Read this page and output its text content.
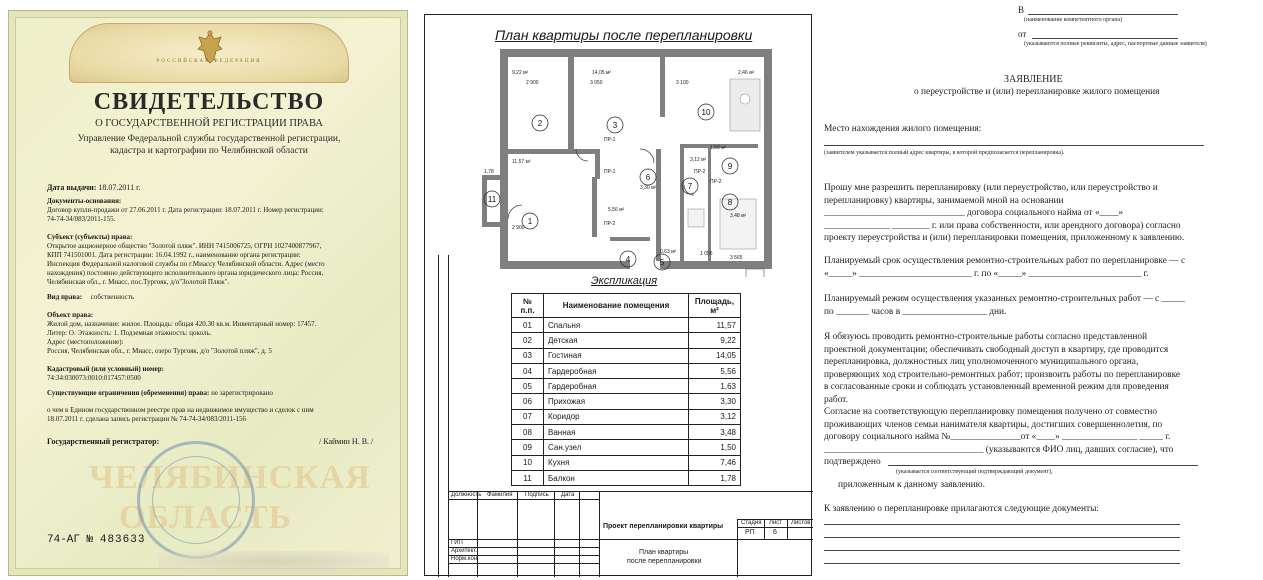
РОССИЙСКАЯ ФЕДЕРАЦИЯ
СВИДЕТЕЛЬСТВО
О ГОСУДАРСТВЕННОЙ РЕГИСТРАЦИИ ПРАВА
Управление Федеральной службы государственной регистрации,
кадастра и картографии по Челябинской области
Дата выдачи: 18.07.2011 г.
Документы-основания:
Договор купли-продажи от 27.06.2011 г. Дата регистрации: 18.07.2011 г. Номер регистрации:
74-74-34/083/2011-155.
Субъект (субъекты) права:
Открытое акционерное общество "Золотой пляж". ИНН 7415006725, ОГРН 1027400877967,
КПП 741501001. Дата регистрации: 16.04.1992 г., наименование органа регистрации:
Инспекция Федеральной налоговой службы по г.Миассу Челябинской области. Адрес (место
нахождения) постоянно действующего исполнительного органа юридического лица: Россия,
Челябинская обл., г. Миасс, пос.Тургояк, д/о"Золотой Пляж".
Вид права: собственность
Объект права:
Жилой дом, назначение: жилое. Площадь: общая 420.30 кв.м. Инвентарный номер: 17457.
Литер: О. Этажность: 1. Подземная этажность: цоколь.
Адрес (местоположение):
Россия, Челябинская обл., г. Миасс, озеро Тургояк, д/о "Золотой пляж", д. 5
Кадастровый (или условный) номер:
74:34:030073:0010:017457:0500
Существующие ограничения (обременения) права: не зарегистрировано
о чем в Едином государственном реестре прав на недвижимое имущество и сделок с ним
18.07.2011 г. сделана запись регистрации № 74-74-34/083/2011-156
Государственный регистратор:	/ Каймин Н. В. /
ЧЕЛЯБИНСКАЯ
ОБЛАСТЬ
74-АГ № 483633
План квартиры после перепланировки
1
2	3
4	5
6
7
8
9
10
11
9,22 м²	14,05 м²	2,46 м²
11,57 м²
1,78
5,56 м²
3,12 м²
3,48 м²
1,50 м²
3,30 м²
0,63 м²
2 900	3 050	3 100
2 900
1 056
3 565
ПР-1
ПР-1	ПР-2
ПР-2
ПР-2
Экспликация
№ п.п.	Наименование помещения	Площадь, м²
01	Спальня	11,57
02	Детская	9,22
03	Гостиная	14,05
04	Гардеробная	5,56
05	Гардеробная	1,63
06	Прихожая	3,30
07	Коридор	3,12
08	Ванная	3,48
09	Сан.узел	1,50
10	Кухня	7,46
11	Балкон	1,78
Должность Фамилия Подпись Дата
Проект перепланировки квартиры	Стадия Лист Листов
РП	6
ГИП
Архитект.
Норм.кон.
План квартиры
после перепланировки
В
(наименование компетентного органа)
от
(указываются полные реквизиты, адрес, паспортные данные заявителя)
ЗАЯВЛЕНИЕ
о переустройстве и (или) перепланировке жилого помещения
Место нахождения жилого помещения:
(заявителем указывается полный адрес квартиры, в которой предполагается перепланировка).
Прошу мне разрешить перепланировку (или переустройство, или переустройство и
перепланировку) квартиры, занимаемой мной на основании
______________________________ договора социального найма от «____»
______________ ________ г. или права собственности, или арендного договора) согласно
проекту переустройства и (или) перепланировки помещения, приложенному к заявлению.
Планируемый срок осуществления ремонтно-строительных работ по перепланировке — с
«_____» ________________________ г. по «_____» ________________________ г.
Планируемый режим осуществления указанных ремонтно-строительных работ — с _____
по _______ часов в __________________ дни.
Я обязуюсь проводить ремонтно-строительные работы согласно представленной
проектной документации; обеспечивать свободный доступ в квартиру, где проводится
перепланировка, должностных лиц уполномоченного муниципального органа,
проверяющих ход строительно-ремонтных работ; произвоить работы по перепланировке
в согласованные сроки и соблюдать установленный временной режим для проведения
работ.
Согласие на соответствующую перепланировку помещения получено от совместно
проживающих членов семьи нанимателя квартиры, достигших совершеннолетия, по
договору социального найма №_______________от «____» ________________ _____ г.
__________________________________ (указываются ФИО лиц, давших согласие), что
подтверждено
(указывается соответствующий подтверждающий документ),
приложенным к данному заявлению.
К заявлению о перепланировке прилагаются следующие документы:
